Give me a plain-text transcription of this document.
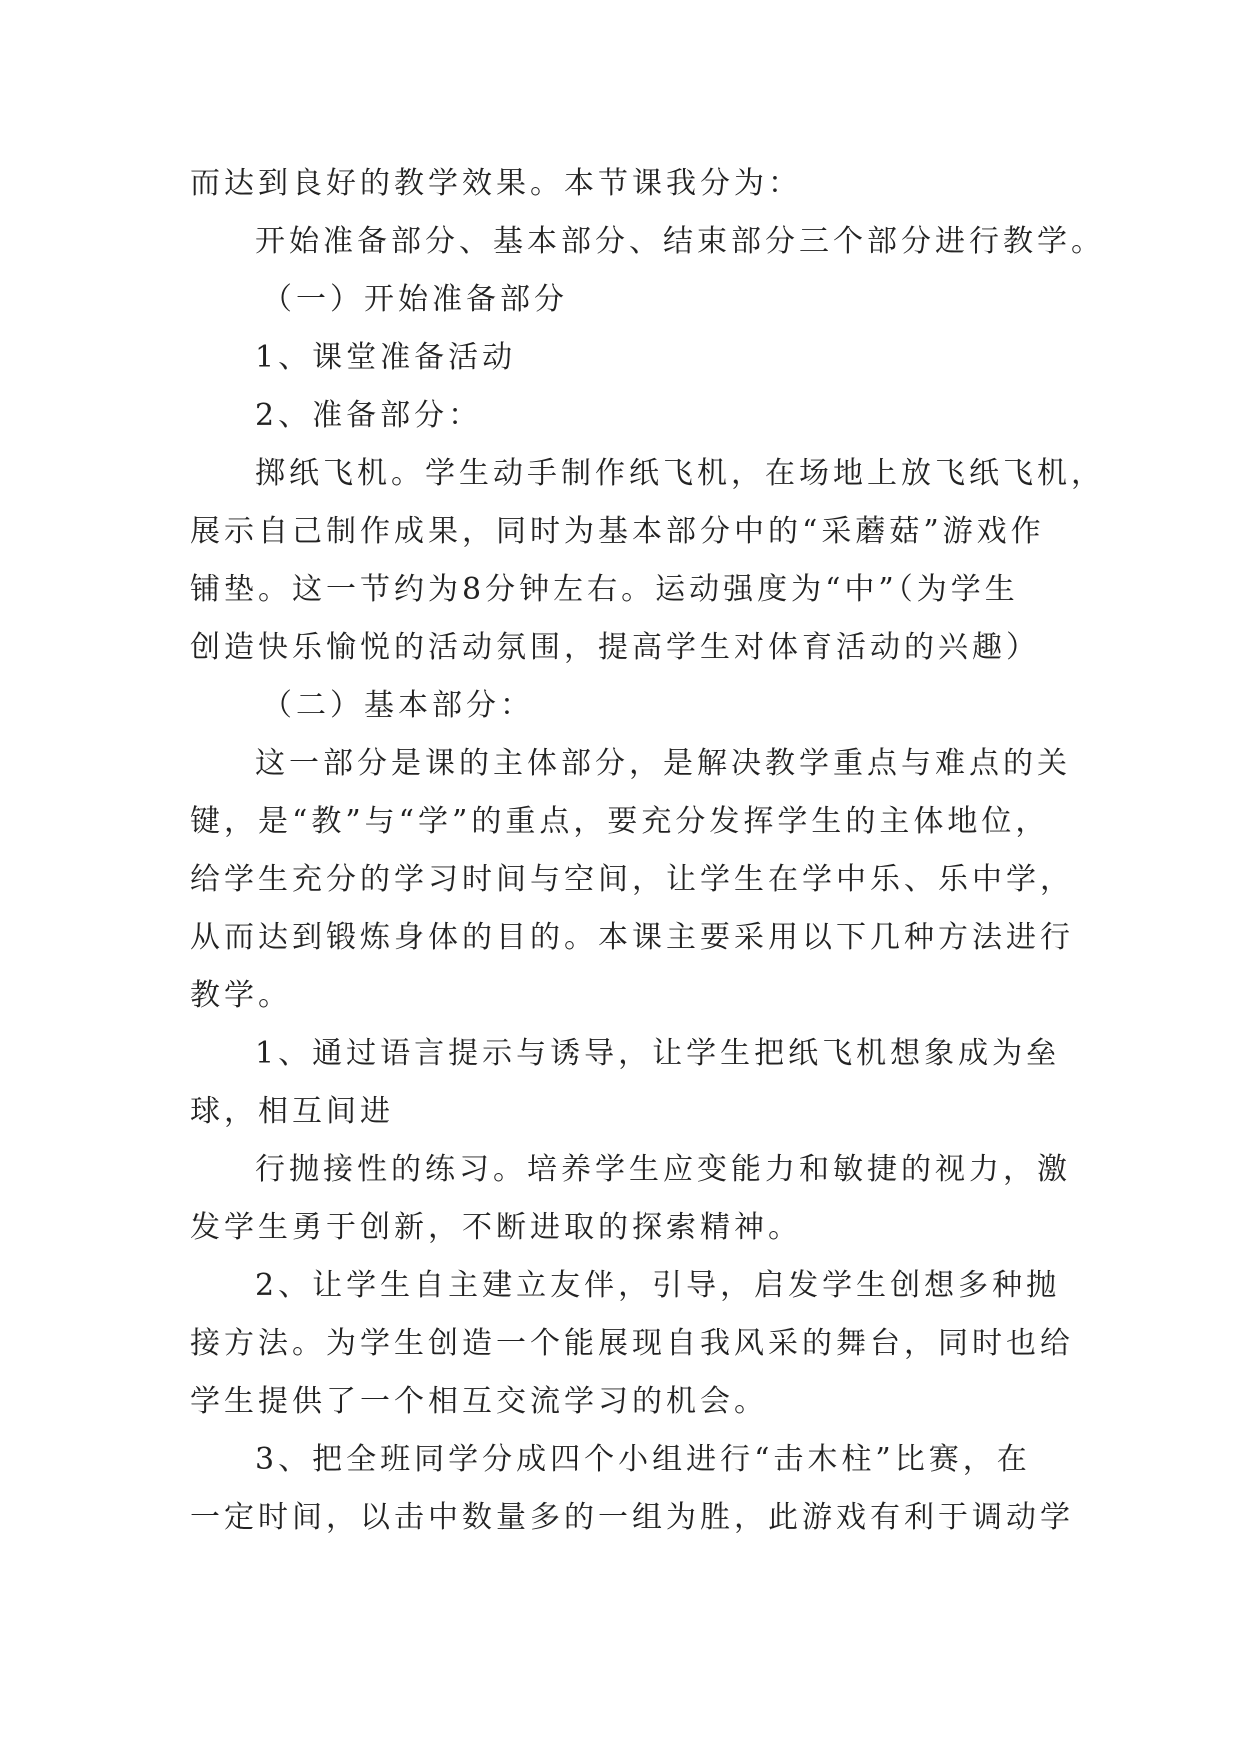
而达到良好的教学效果。本节课我分为：

开始准备部分、基本部分、结束部分三个部分进行教学。

（一）开始准备部分

1、课堂准备活动

2、准备部分：

掷纸飞机。学生动手制作纸飞机，在场地上放飞纸飞机，

展示自己制作成果，同时为基本部分中的“采蘑菇”游戏作

铺垫。这一节约为8分钟左右。运动强度为“中”（为学生

创造快乐愉悦的活动氛围，提高学生对体育活动的兴趣）

（二）基本部分：

这一部分是课的主体部分，是解决教学重点与难点的关

键，是“教”与“学”的重点，要充分发挥学生的主体地位，

给学生充分的学习时间与空间，让学生在学中乐、乐中学，

从而达到锻炼身体的目的。本课主要采用以下几种方法进行

教学。

1、通过语言提示与诱导，让学生把纸飞机想象成为垒

球，相互间进

行抛接性的练习。培养学生应变能力和敏捷的视力，激

发学生勇于创新，不断进取的探索精神。

2、让学生自主建立友伴，引导，启发学生创想多种抛

接方法。为学生创造一个能展现自我风采的舞台，同时也给

学生提供了一个相互交流学习的机会。

3、把全班同学分成四个小组进行“击木柱”比赛，在

一定时间，以击中数量多的一组为胜，此游戏有利于调动学
